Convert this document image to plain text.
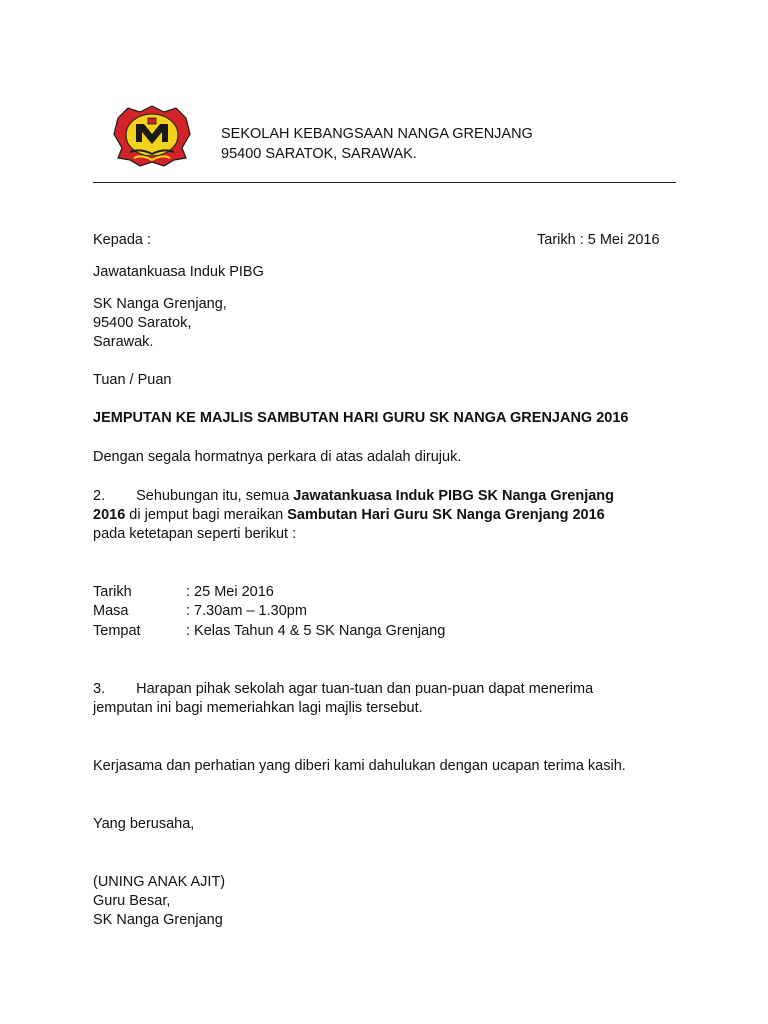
SEKOLAH KEBANGSAAN NANGA GRENJANG
95400 SARATOK, SARAWAK.
Kepada :	Tarikh : 5 Mei 2016
Jawatankuasa Induk PIBG
SK Nanga Grenjang,
95400 Saratok,
Sarawak.
Tuan / Puan
JEMPUTAN KE MAJLIS SAMBUTAN HARI GURU SK NANGA GRENJANG 2016
Dengan segala hormatnya perkara di atas adalah dirujuk.
2. Sehubungan itu, semua Jawatankuasa Induk PIBG SK Nanga Grenjang
2016 di jemput bagi meraikan Sambutan Hari Guru SK Nanga Grenjang 2016
pada ketetapan seperti berikut :
Tarikh	: 25 Mei 2016
Masa	: 7.30am – 1.30pm
Tempat	: Kelas Tahun 4 & 5 SK Nanga Grenjang
3. Harapan pihak sekolah agar tuan-tuan dan puan-puan dapat menerima
jemputan ini bagi memeriahkan lagi majlis tersebut.
Kerjasama dan perhatian yang diberi kami dahulukan dengan ucapan terima kasih.
Yang berusaha,
(UNING ANAK AJIT)
Guru Besar,
SK Nanga Grenjang
